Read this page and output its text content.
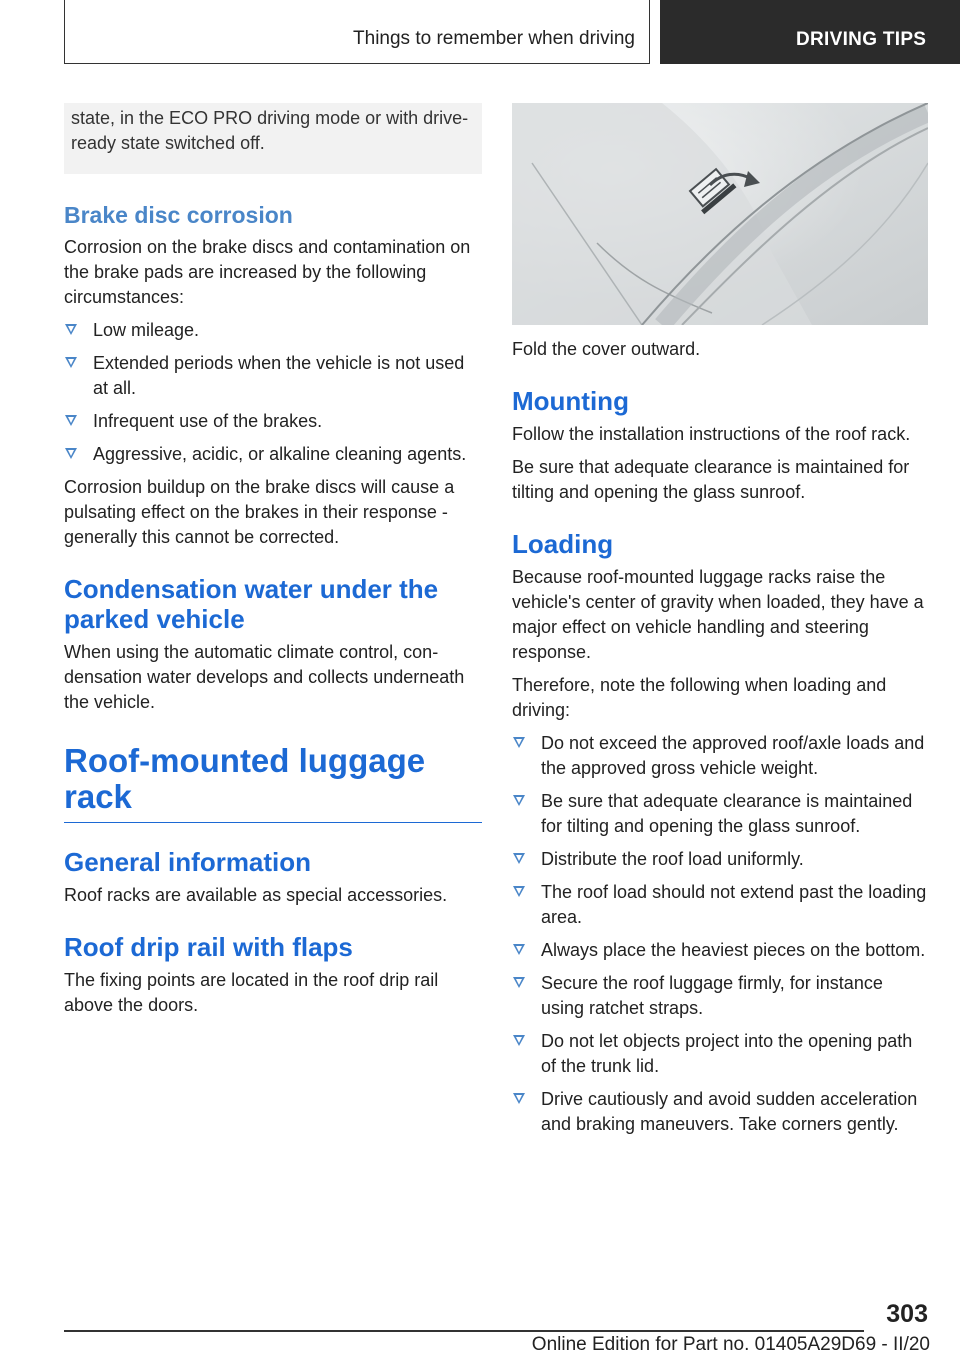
Things to remember when driving	DRIVING TIPS
state, in the ECO PRO driving mode or with drive-ready state switched off.
Brake disc corrosion

Corrosion on the brake discs and contamination on the brake pads are increased by the following circumstances:

Low mileage.
Extended periods when the vehicle is not used at all.
Infrequent use of the brakes.
Aggressive, acidic, or alkaline cleaning agents.

Corrosion buildup on the brake discs will cause a pulsating effect on the brakes in their response - generally this cannot be corrected.

Condensation water under the parked vehicle

When using the automatic climate control, condensation water develops and collects underneath the vehicle.

Roof-mounted luggage rack
General information

Roof racks are available as special accessories.

Roof drip rail with flaps

The fixing points are located in the roof drip rail above the doors.

Fold the cover outward.

Mounting

Follow the installation instructions of the roof rack.

Be sure that adequate clearance is maintained for tilting and opening the glass sunroof.

Loading

Because roof-mounted luggage racks raise the vehicle's center of gravity when loaded, they have a major effect on vehicle handling and steering response.

Therefore, note the following when loading and driving:

Do not exceed the approved roof/axle loads and the approved gross vehicle weight.
Be sure that adequate clearance is maintained for tilting and opening the glass sunroof.
Distribute the roof load uniformly.
The roof load should not extend past the loading area.
Always place the heaviest pieces on the bottom.
Secure the roof luggage firmly, for instance using ratchet straps.
Do not let objects project into the opening path of the trunk lid.
Drive cautiously and avoid sudden acceleration and braking maneuvers. Take corners gently.
303
Online Edition for Part no. 01405A29D69 - II/20
